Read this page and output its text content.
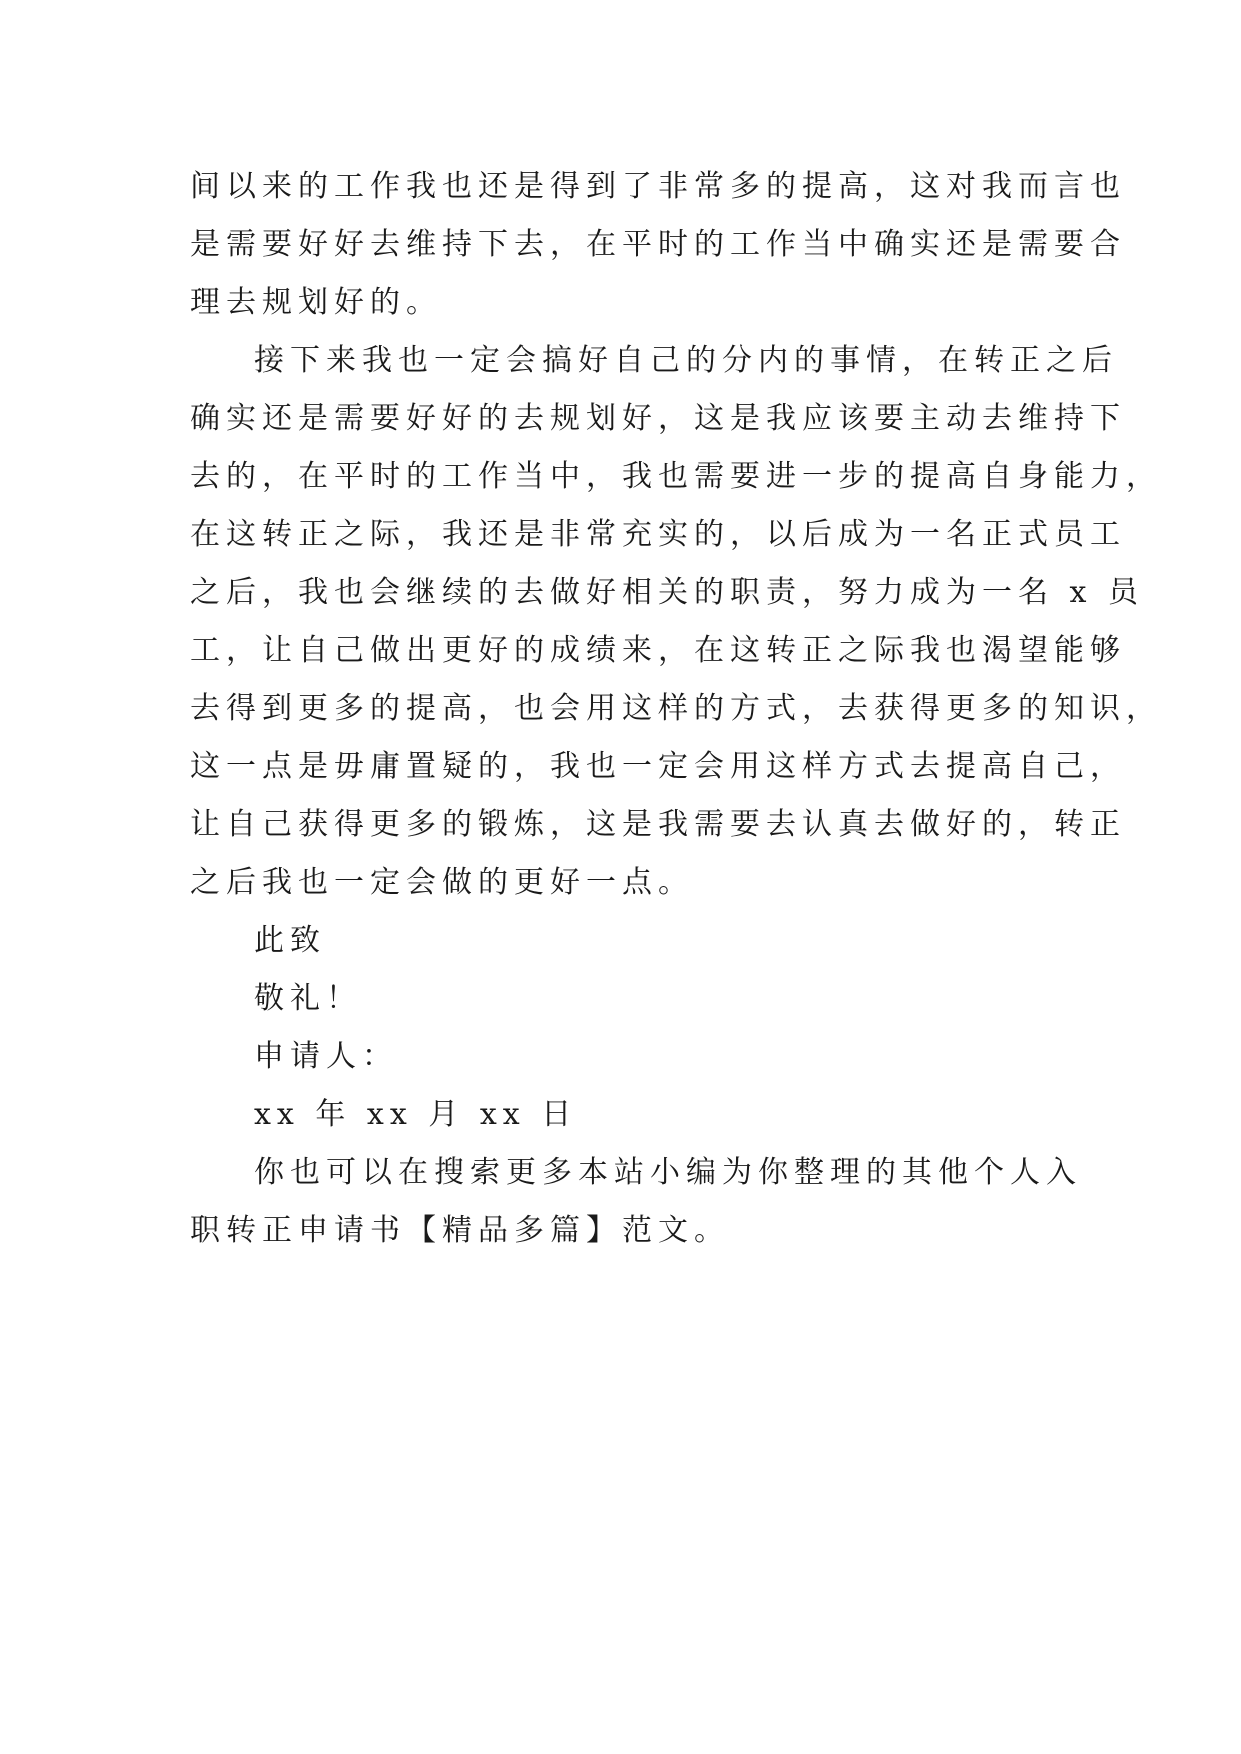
间以来的工作我也还是得到了非常多的提高，这对我而言也
是需要好好去维持下去，在平时的工作当中确实还是需要合
理去规划好的。
接下来我也一定会搞好自己的分内的事情，在转正之后
确实还是需要好好的去规划好，这是我应该要主动去维持下
去的，在平时的工作当中，我也需要进一步的提高自身能力，
在这转正之际，我还是非常充实的，以后成为一名正式员工
之后，我也会继续的去做好相关的职责，努力成为一名 x 员
工，让自己做出更好的成绩来，在这转正之际我也渴望能够
去得到更多的提高，也会用这样的方式，去获得更多的知识，
这一点是毋庸置疑的，我也一定会用这样方式去提高自己，
让自己获得更多的锻炼，这是我需要去认真去做好的，转正
之后我也一定会做的更好一点。
此致
敬礼！
申请人：
xx 年 xx 月 xx 日
你也可以在搜索更多本站小编为你整理的其他个人入
职转正申请书【精品多篇】范文。
